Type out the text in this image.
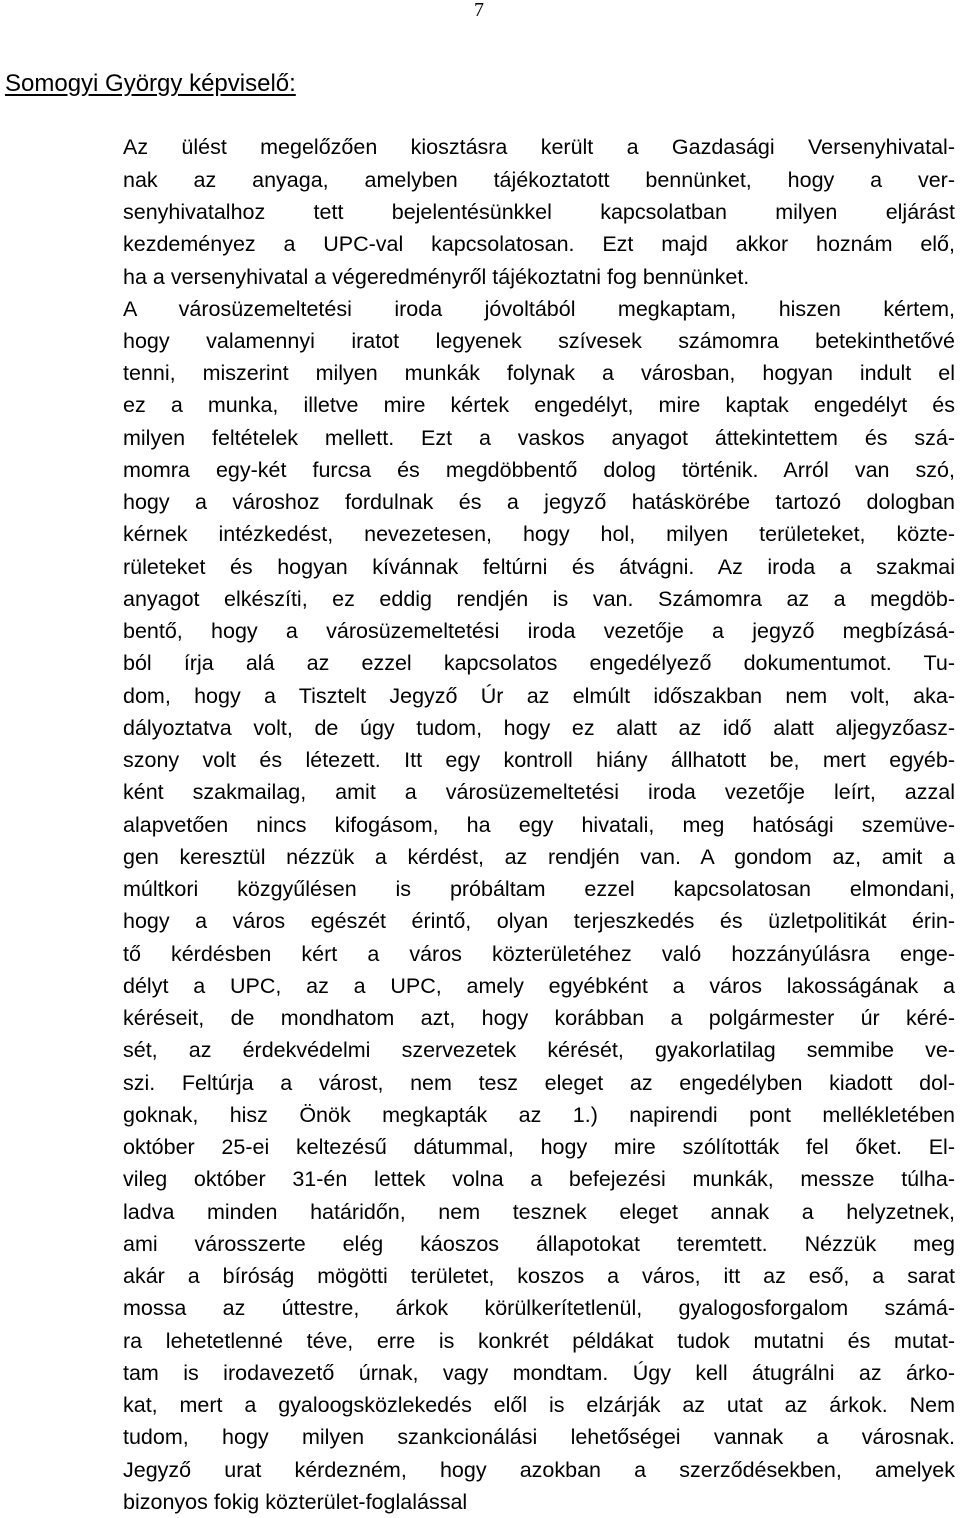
7
Somogyi György képviselő:
Az ülést megelőzően kiosztásra került a Gazdasági Versenyhivatal-
nak az anyaga, amelyben tájékoztatott bennünket, hogy a ver-
senyhivatalhoz tett bejelentésünkkel kapcsolatban milyen eljárást
kezdeményez a UPC-val kapcsolatosan. Ezt majd akkor hoznám elő,
ha a versenyhivatal a végeredményről tájékoztatni fog bennünket.
A városüzemeltetési iroda jóvoltából megkaptam, hiszen kértem,
hogy valamennyi iratot legyenek szívesek számomra betekinthetővé
tenni, miszerint milyen munkák folynak a városban, hogyan indult el
ez a munka, illetve mire kértek engedélyt, mire kaptak engedélyt és
milyen feltételek mellett. Ezt a vaskos anyagot áttekintettem és szá-
momra egy-két furcsa és megdöbbentő dolog történik. Arról van szó,
hogy a városhoz fordulnak és a jegyző hatáskörébe tartozó dologban
kérnek intézkedést, nevezetesen, hogy hol, milyen területeket, közte-
rületeket és hogyan kívánnak feltúrni és átvágni. Az iroda a szakmai
anyagot elkészíti, ez eddig rendjén is van. Számomra az a megdöb-
bentő, hogy a városüzemeltetési iroda vezetője a jegyző megbízásá-
ból írja alá az ezzel kapcsolatos engedélyező dokumentumot. Tu-
dom, hogy a Tisztelt Jegyző Úr az elmúlt időszakban nem volt, aka-
dályoztatva volt, de úgy tudom, hogy ez alatt az idő alatt aljegyzőasz-
szony volt és létezett. Itt egy kontroll hiány állhatott be, mert egyéb-
ként szakmailag, amit a városüzemeltetési iroda vezetője leírt, azzal
alapvetően nincs kifogásom, ha egy hivatali, meg hatósági szemüve-
gen keresztül nézzük a kérdést, az rendjén van. A gondom az, amit a
múltkori közgyűlésen is próbáltam ezzel kapcsolatosan elmondani,
hogy a város egészét érintő, olyan terjeszkedés és üzletpolitikát érin-
tő kérdésben kért a város közterületéhez való hozzányúlásra enge-
délyt a UPC, az a UPC, amely egyébként a város lakosságának a
kéréseit, de mondhatom azt, hogy korábban a polgármester úr kéré-
sét, az érdekvédelmi szervezetek kérését, gyakorlatilag semmibe ve-
szi. Feltúrja a várost, nem tesz eleget az engedélyben kiadott dol-
goknak, hisz Önök megkapták az 1.) napirendi pont mellékletében
október 25-ei keltezésű dátummal, hogy mire szólították fel őket. El-
vileg október 31-én lettek volna a befejezési munkák, messze túlha-
ladva minden határidőn, nem tesznek eleget annak a helyzetnek,
ami városszerte elég káoszos állapotokat teremtett. Nézzük meg
akár a bíróság mögötti területet, koszos a város, itt az eső, a sarat
mossa az úttestre, árkok körülkerítetlenül, gyalogosforgalom számá-
ra lehetetlenné téve, erre is konkrét példákat tudok mutatni és mutat-
tam is irodavezető úrnak, vagy mondtam. Úgy kell átugrálni az árko-
kat, mert a gyaloogsközlekedés elől is elzárják az utat az árkok. Nem
tudom, hogy milyen szankcionálási lehetőségei vannak a városnak.
Jegyző urat kérdezném, hogy azokban a szerződésekben, amelyek
bizonyos fokig közterület-foglalással
